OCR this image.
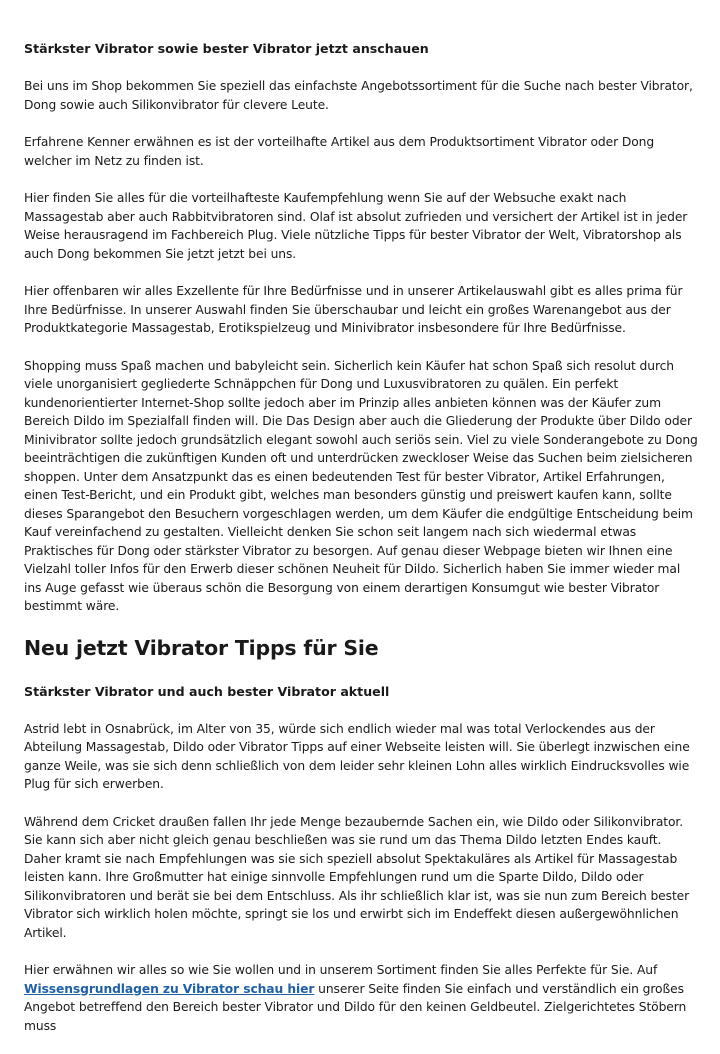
Stärkster Vibrator sowie bester Vibrator jetzt anschauen

Bei uns im Shop bekommen Sie speziell das einfachste Angebotssortiment für die Suche nach bester Vibrator, Dong sowie auch Silikonvibrator für clevere Leute.

Erfahrene Kenner erwähnen es ist der vorteilhafte Artikel aus dem Produktsortiment Vibrator oder Dong welcher im Netz zu finden ist.

Hier finden Sie alles für die vorteilhafteste Kaufempfehlung wenn Sie auf der Websuche exakt nach Massagestab aber auch Rabbitvibratoren sind. Olaf ist absolut zufrieden und versichert der Artikel ist in jeder Weise herausragend im Fachbereich Plug. Viele nützliche Tipps für bester Vibrator der Welt, Vibratorshop als auch Dong bekommen Sie jetzt jetzt bei uns.

Hier offenbaren wir alles Exzellente für Ihre Bedürfnisse und in unserer Artikelauswahl gibt es alles prima für Ihre Bedürfnisse. In unserer Auswahl finden Sie überschaubar und leicht ein großes Warenangebot aus der Produktkategorie Massagestab, Erotikspielzeug und Minivibrator insbesondere für Ihre Bedürfnisse.

Shopping muss Spaß machen und babyleicht sein. Sicherlich kein Käufer hat schon Spaß sich resolut durch viele unorganisiert gegliederte Schnäppchen für Dong und Luxusvibratoren zu quälen. Ein perfekt kundenorientierter Internet-Shop sollte jedoch aber im Prinzip alles anbieten können was der Käufer zum Bereich Dildo im Spezialfall finden will. Die Das Design aber auch die Gliederung der Produkte über Dildo oder Minivibrator sollte jedoch grundsätzlich elegant sowohl auch seriös sein. Viel zu viele Sonderangebote zu Dong beeinträchtigen die zukünftigen Kunden oft und unterdrücken zweckloser Weise das Suchen beim zielsicheren shoppen. Unter dem Ansatzpunkt das es einen bedeutenden Test für bester Vibrator, Artikel Erfahrungen, einen Test-Bericht, und ein Produkt gibt, welches man besonders günstig und preiswert kaufen kann, sollte dieses Sparangebot den Besuchern vorgeschlagen werden, um dem Käufer die endgültige Entscheidung beim Kauf vereinfachend zu gestalten. Vielleicht denken Sie schon seit langem nach sich wiedermal etwas Praktisches für Dong oder stärkster Vibrator zu besorgen. Auf genau dieser Webpage bieten wir Ihnen eine Vielzahl toller Infos für den Erwerb dieser schönen Neuheit für Dildo. Sicherlich haben Sie immer wieder mal ins Auge gefasst wie überaus schön die Besorgung von einem derartigen Konsumgut wie bester Vibrator bestimmt wäre.

Neu jetzt Vibrator Tipps für Sie
Stärkster Vibrator und auch bester Vibrator aktuell

Astrid lebt in Osnabrück, im Alter von 35, würde sich endlich wieder mal was total Verlockendes aus der Abteilung Massagestab, Dildo oder Vibrator Tipps auf einer Webseite leisten will. Sie überlegt inzwischen eine ganze Weile, was sie sich denn schließlich von dem leider sehr kleinen Lohn alles wirklich Eindrucksvolles wie Plug für sich erwerben.

Während dem Cricket draußen fallen Ihr jede Menge bezaubernde Sachen ein, wie Dildo oder Silikonvibrator. Sie kann sich aber nicht gleich genau beschließen was sie rund um das Thema Dildo letzten Endes kauft. Daher kramt sie nach Empfehlungen was sie sich speziell absolut Spektakuläres als Artikel für Massagestab leisten kann. Ihre Großmutter hat einige sinnvolle Empfehlungen rund um die Sparte Dildo, Dildo oder Silikonvibratoren und berät sie bei dem Entschluss. Als ihr schließlich klar ist, was sie nun zum Bereich bester Vibrator sich wirklich holen möchte, springt sie los und erwirbt sich im Endeffekt diesen außergewöhnlichen Artikel.

Hier erwähnen wir alles so wie Sie wollen und in unserem Sortiment finden Sie alles Perfekte für Sie. Auf Wissensgrundlagen zu Vibrator schau hier unserer Seite finden Sie einfach und verständlich ein großes Angebot betreffend den Bereich bester Vibrator und Dildo für den keinen Geldbeutel. Zielgerichtetes Stöbern muss
